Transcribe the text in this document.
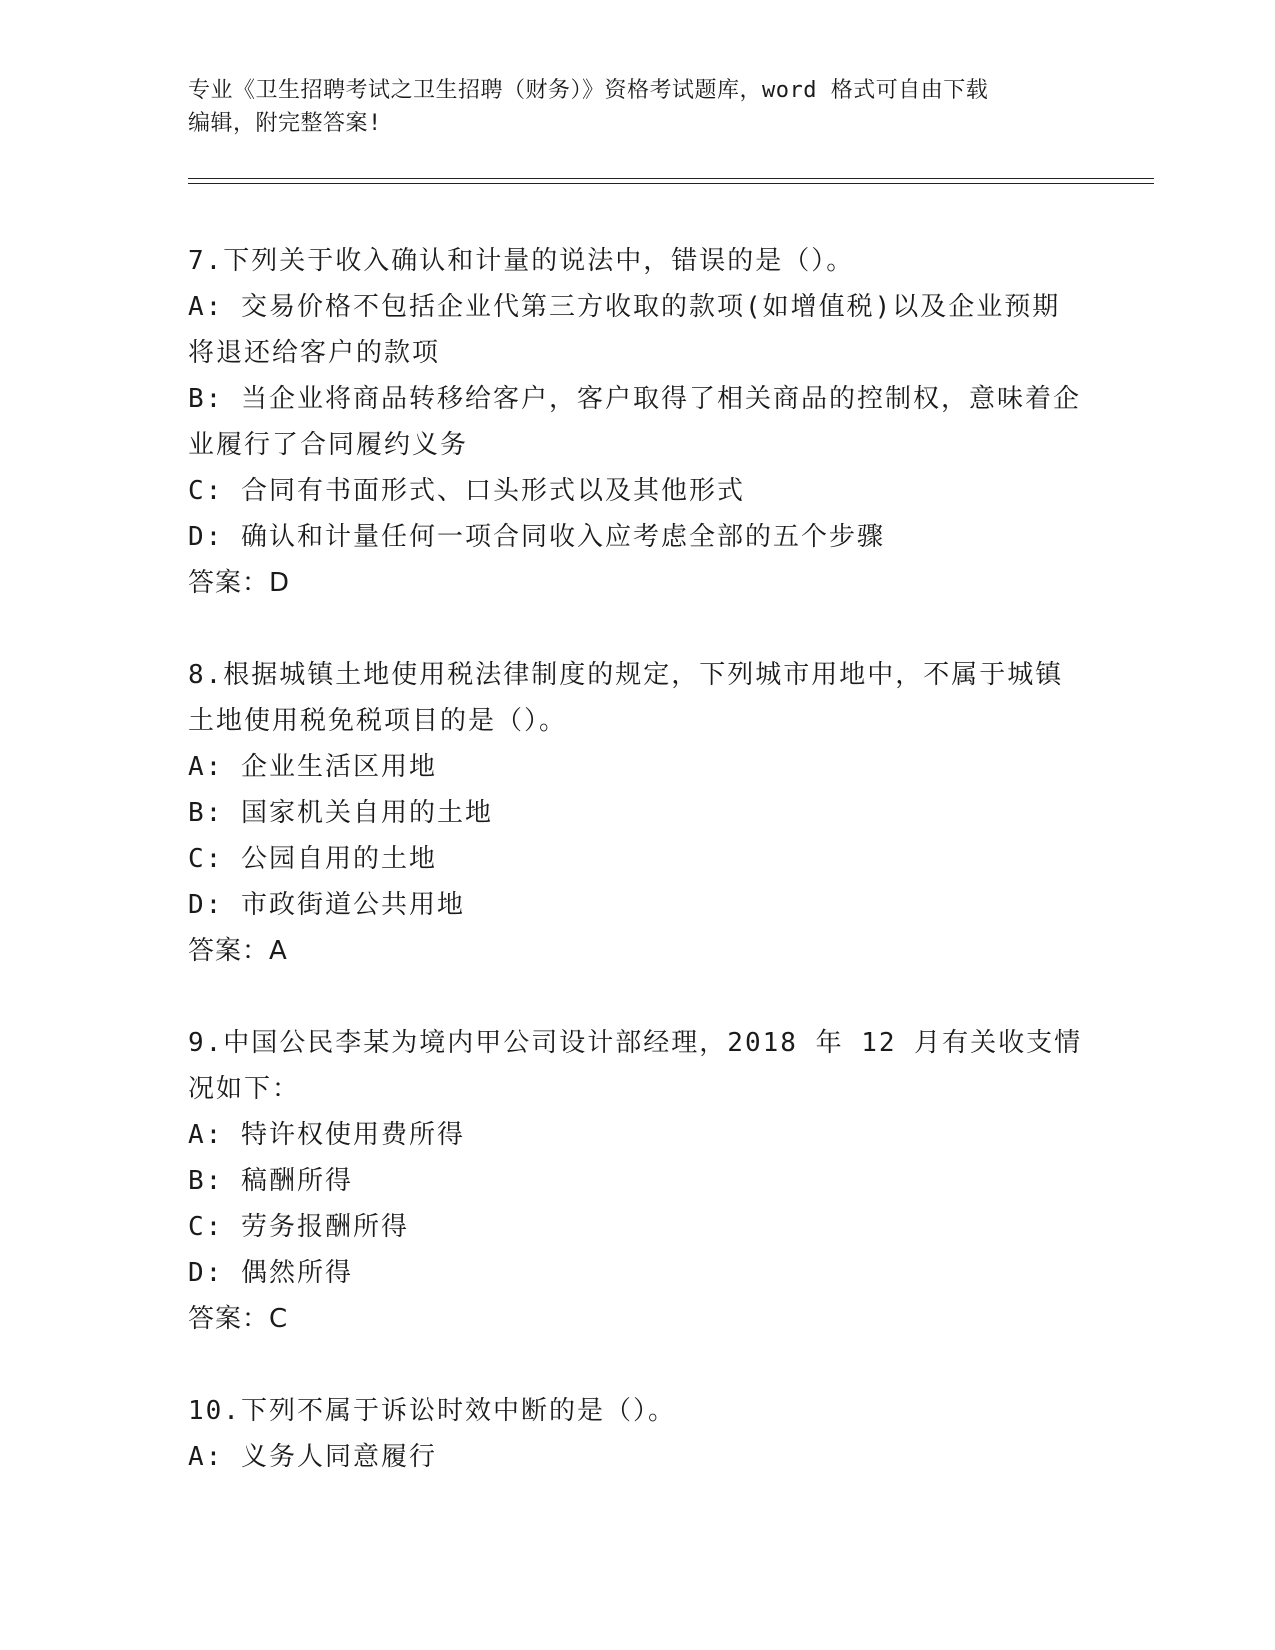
专业《卫生招聘考试之卫生招聘（财务）》资格考试题库，word 格式可自由下载
编辑，附完整答案!

7.下列关于收入确认和计量的说法中，错误的是（）。

A: 交易价格不包括企业代第三方收取的款项(如增值税)以及企业预期将退还给客户的款项

B: 当企业将商品转移给客户，客户取得了相关商品的控制权，意味着企业履行了合同履约义务

C: 合同有书面形式、口头形式以及其他形式

D: 确认和计量任何一项合同收入应考虑全部的五个步骤

答案：D

8.根据城镇土地使用税法律制度的规定，下列城市用地中，不属于城镇土地使用税免税项目的是（）。

A: 企业生活区用地

B: 国家机关自用的土地

C: 公园自用的土地

D: 市政街道公共用地

答案：A

9.中国公民李某为境内甲公司设计部经理，2018 年 12 月有关收支情况如下：

A: 特许权使用费所得

B: 稿酬所得

C: 劳务报酬所得

D: 偶然所得

答案：C

10.下列不属于诉讼时效中断的是（）。

A: 义务人同意履行
